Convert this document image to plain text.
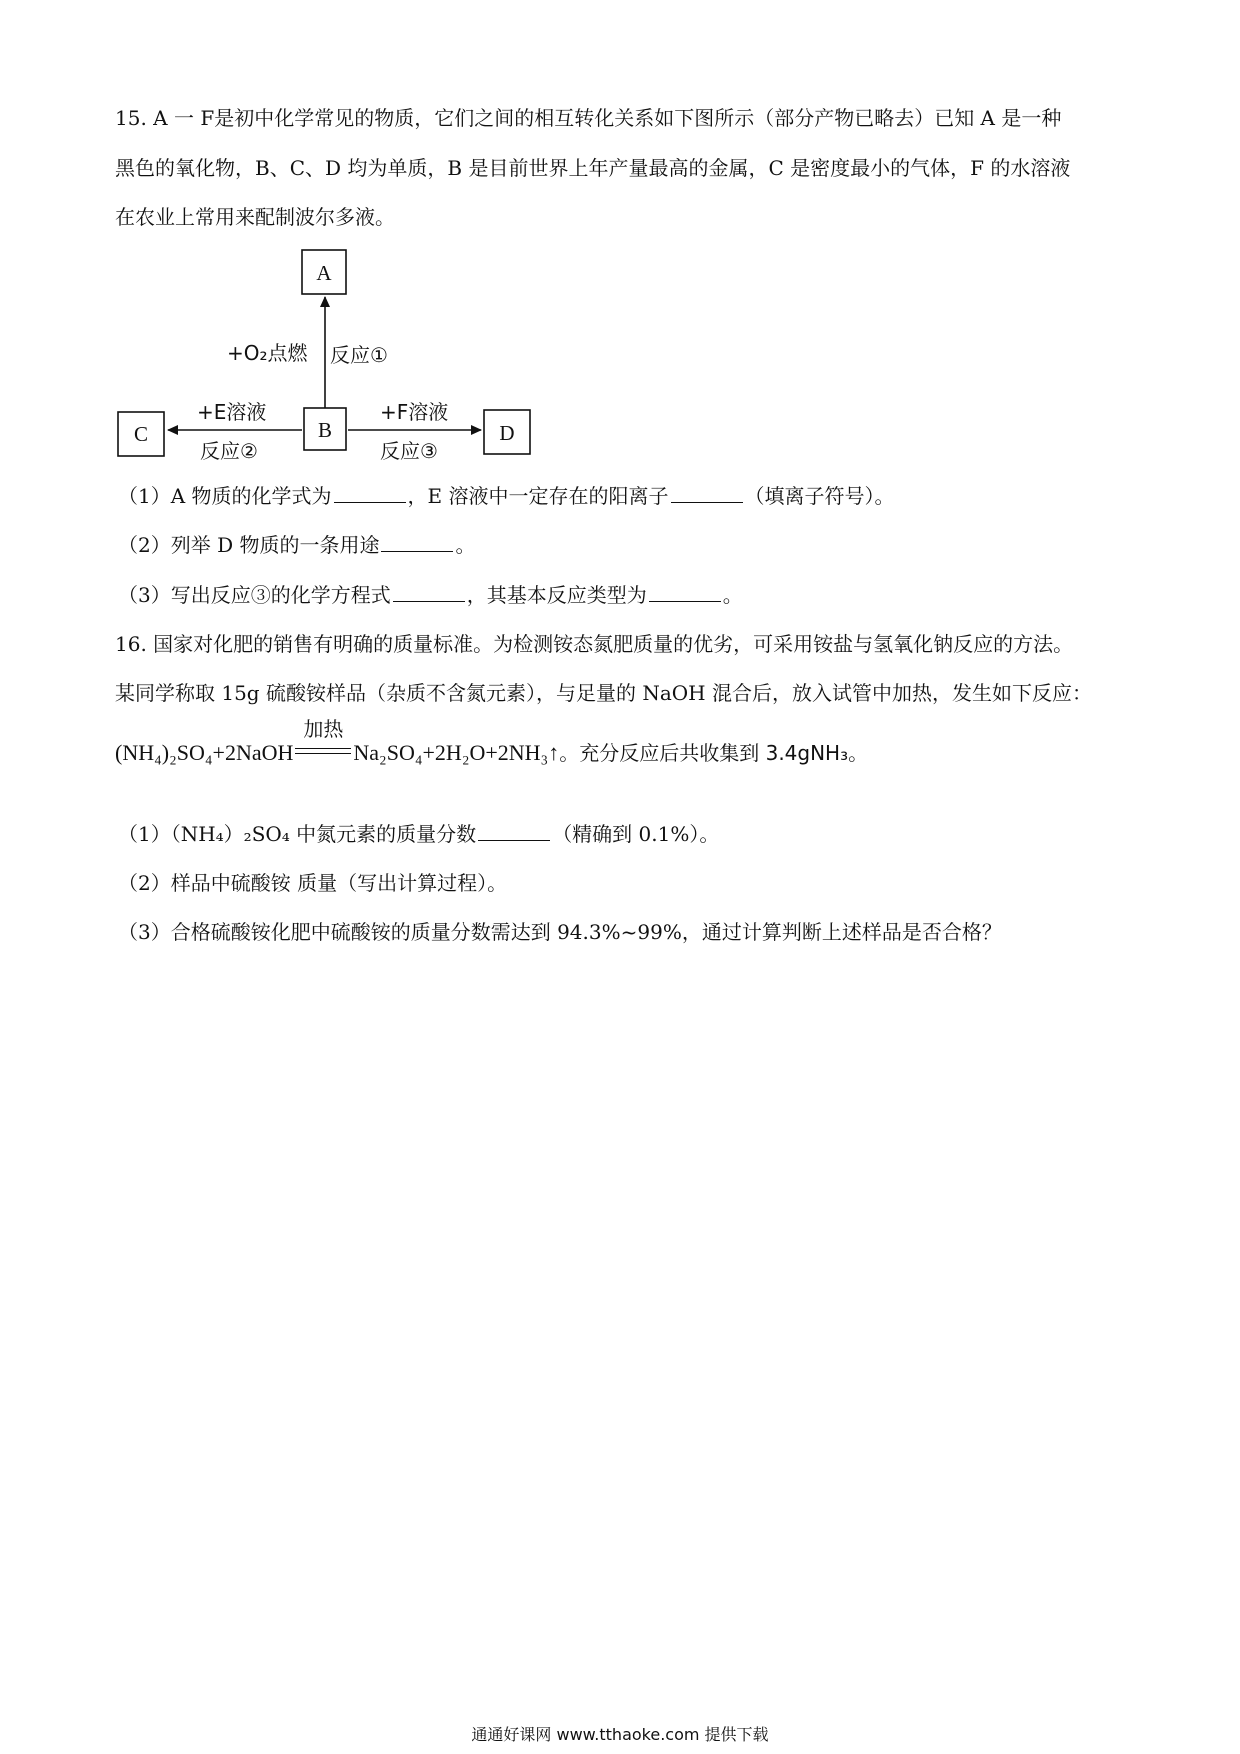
15. A 一 F是初中化学常见的物质，它们之间的相互转化关系如下图所示（部分产物已略去）已知 A 是一种
黑色的氧化物，B、C、D 均为单质，B 是目前世界上年产量最高的金属，C 是密度最小的气体，F 的水溶液
在农业上常用来配制波尔多液。
A
B
C	D
+O₂点燃 反应①
+E溶液
反应②
+F溶液
反应③
（1）A 物质的化学式为	，E 溶液中一定存在的阳离子	（填离子符号）。
（2）列举 D 物质的一条用途	。
（3）写出反应③的化学方程式	，其基本反应类型为	。
16. 国家对化肥的销售有明确的质量标准。为检测铵态氮肥质量的优劣，可采用铵盐与氢氧化钠反应的方法。
某同学称取 15g 硫酸铵样品（杂质不含氮元素），与足量的 NaOH 混合后，放入试管中加热，发生如下反应：
(NH₄)₂SO₄+2NaOH
加热
Na₂SO₄+2H₂O+2NH₃↑。充分反应后共收集到 3.4gNH₃。
（1）（NH₄）₂SO₄ 中氮元素的质量分数	（精确到 0.1%）。
（2）样品中硫酸铵 质量（写出计算过程）。
（3）合格硫酸铵化肥中硫酸铵的质量分数需达到 94.3%~99%，通过计算判断上述样品是否合格？
通通好课网 www.tthaoke.com 提供下载
